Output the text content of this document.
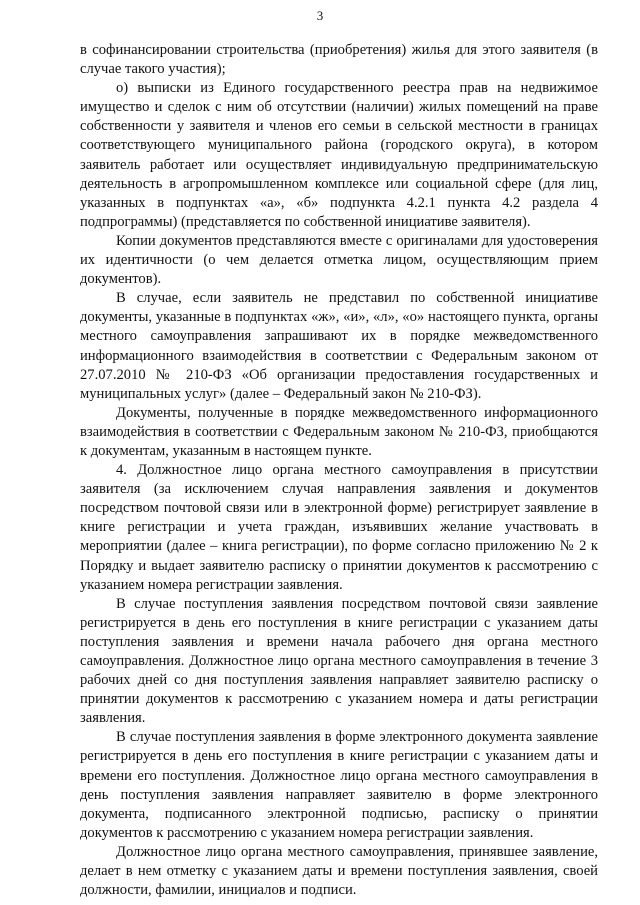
3

в софинансировании строительства (приобретения) жилья для этого заявителя (в случае такого участия);

о) выписки из Единого государственного реестра прав на недвижимое имущество и сделок с ним об отсутствии (наличии) жилых помещений на праве собственности у заявителя и членов его семьи в сельской местности в границах соответствующего муниципального района (городского округа), в котором заявитель работает или осуществляет индивидуальную предпринимательскую деятельность в агропромышленном комплексе или социальной сфере (для лиц, указанных в подпунктах «а», «б» подпункта 4.2.1 пункта 4.2 раздела 4 подпрограммы) (представляется по собственной инициативе заявителя).

Копии документов представляются вместе с оригиналами для удостоверения их идентичности (о чем делается отметка лицом, осуществляющим прием документов).

В случае, если заявитель не представил по собственной инициативе документы, указанные в подпунктах «ж», «и», «л», «о» настоящего пункта, органы местного самоуправления запрашивают их в порядке межведомственного информационного взаимодействия в соответствии с Федеральным законом от 27.07.2010 № 210-ФЗ «Об организации предоставления государственных и муниципальных услуг» (далее – Федеральный закон № 210-ФЗ).

Документы, полученные в порядке межведомственного информационного взаимодействия в соответствии с Федеральным законом № 210-ФЗ, приобщаются к документам, указанным в настоящем пункте.

4. Должностное лицо органа местного самоуправления в присутствии заявителя (за исключением случая направления заявления и документов посредством почтовой связи или в электронной форме) регистрирует заявление в книге регистрации и учета граждан, изъявивших желание участвовать в мероприятии (далее – книга регистрации), по форме согласно приложению № 2 к Порядку и выдает заявителю расписку о принятии документов к рассмотрению с указанием номера регистрации заявления.

В случае поступления заявления посредством почтовой связи заявление регистрируется в день его поступления в книге регистрации с указанием даты поступления заявления и времени начала рабочего дня органа местного самоуправления. Должностное лицо органа местного самоуправления в течение 3 рабочих дней со дня поступления заявления направляет заявителю расписку о принятии документов к рассмотрению с указанием номера и даты регистрации заявления.

В случае поступления заявления в форме электронного документа заявление регистрируется в день его поступления в книге регистрации с указанием даты и времени его поступления. Должностное лицо органа местного самоуправления в день поступления заявления направляет заявителю в форме электронного документа, подписанного электронной подписью, расписку о принятии документов к рассмотрению с указанием номера регистрации заявления.

Должностное лицо органа местного самоуправления, принявшее заявление, делает в нем отметку с указанием даты и времени поступления заявления, своей должности, фамилии, инициалов и подписи.
